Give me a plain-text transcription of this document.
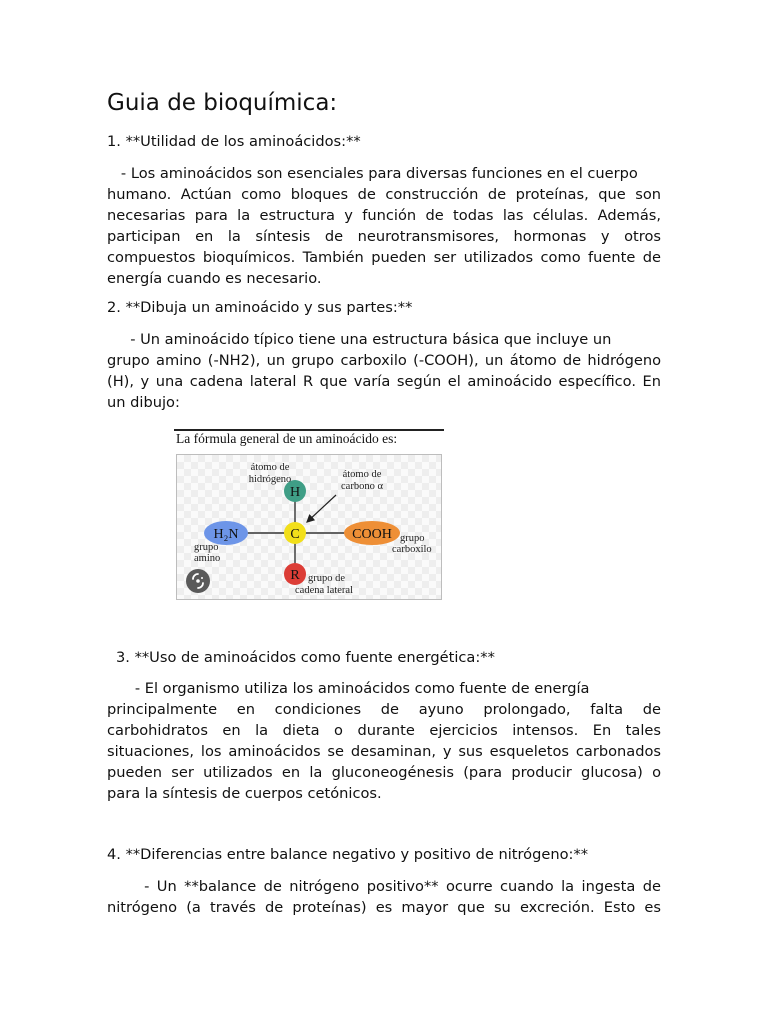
Guia de bioquímica:

1. **Utilidad de los aminoácidos:**

- Los aminoácidos son esenciales para diversas funciones en el cuerpo
humano. Actúan como bloques de construcción de proteínas, que son
necesarias para la estructura y función de todas las células. Además,
participan en la síntesis de neurotransmisores, hormonas y otros
compuestos bioquímicos. También pueden ser utilizados como fuente de
energía cuando es necesario.

2. **Dibuja un aminoácido y sus partes:**

- Un aminoácido típico tiene una estructura básica que incluye un
grupo amino (-NH2), un grupo carboxilo (-COOH), un átomo de hidrógeno
(H), y una cadena lateral R que varía según el aminoácido específico. En
un dibujo:
La fórmula general de un aminoácido es:
H
C
H₂N	COOH
R
átomo de
hidrógeno	átomo de
carbono α
grupo
amino
grupo
carboxilo
grupo de
cadena lateral

3. **Uso de aminoácidos como fuente energética:**

- El organismo utiliza los aminoácidos como fuente de energía
principalmente en condiciones de ayuno prolongado, falta de
carbohidratos en la dieta o durante ejercicios intensos. En tales
situaciones, los aminoácidos se desaminan, y sus esqueletos carbonados
pueden ser utilizados en la gluconeogénesis (para producir glucosa) o
para la síntesis de cuerpos cetónicos.

4. **Diferencias entre balance negativo y positivo de nitrógeno:**

- Un **balance de nitrógeno positivo** ocurre cuando la ingesta de
nitrógeno (a través de proteínas) es mayor que su excreción. Esto es
